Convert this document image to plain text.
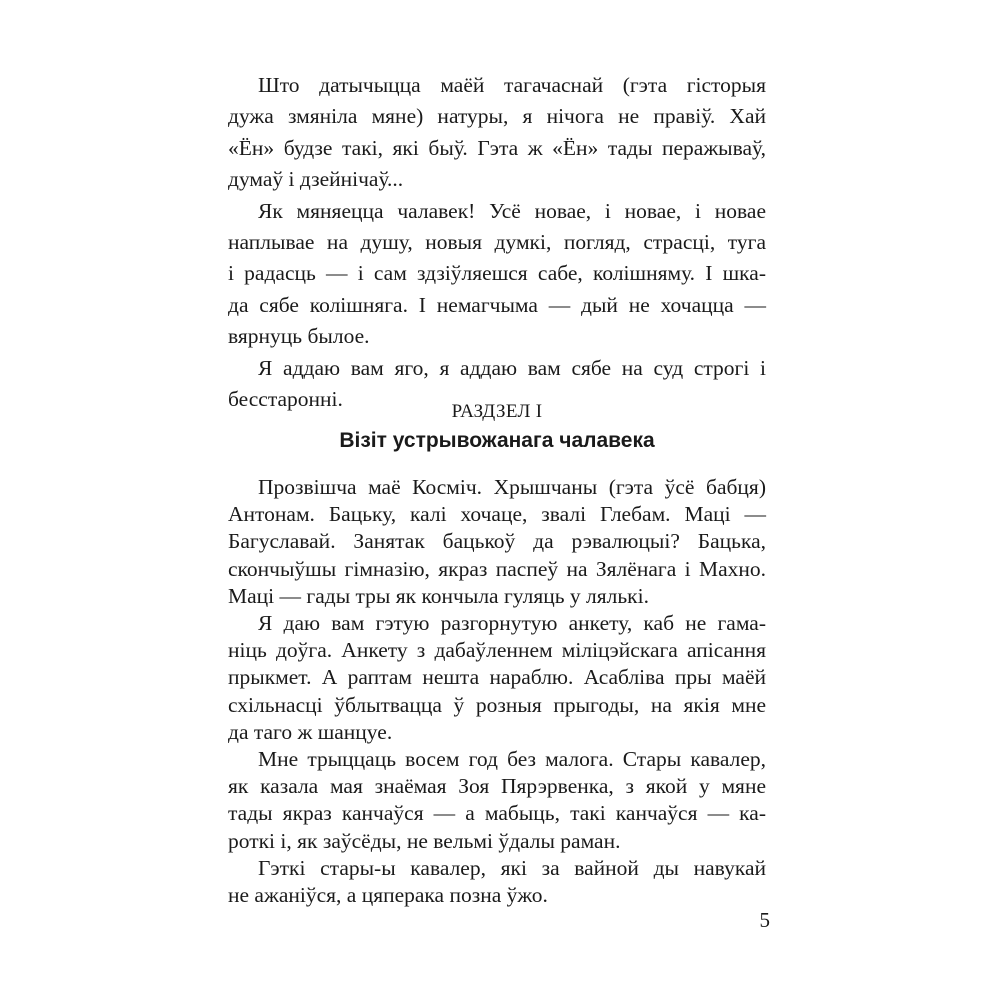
Што датычыцца маёй тагачаснай (гэта гісторыя
дужа змяніла мяне) натуры, я нічога не правіў. Хай
«Ён» будзе такі, які быў. Гэта ж «Ён» тады перажываў,
думаў і дзейнічаў...
Як мяняецца чалавек! Усё новае, і новае, і новае
наплывае на душу, новыя думкі, погляд, страсці, туга
і радасць — і сам здзіўляешся сабе, колішняму. І шка-
да сябе колішняга. І немагчыма — дый не хочацца —
вярнуць былое.
Я аддаю вам яго, я аддаю вам сябе на суд строгі і
бесстаронні.
РАЗДЗЕЛ І
Візіт устрывожанага чалавека
Прозвішча маё Косміч. Хрышчаны (гэта ўсё бабця)
Антонам. Бацьку, калі хочаце, звалі Глебам. Маці —
Багуславай. Занятак бацькоў да рэвалюцыі? Бацька,
скончыўшы гімназію, якраз паспеў на Зялёнага і Махно.
Маці — гады тры як кончыла гуляць у лялькі.
Я даю вам гэтую разгорнутую анкету, каб не гама-
ніць доўга. Анкету з дабаўленнем міліцэйскага апісання
прыкмет. А раптам нешта нараблю. Асабліва пры маёй
схільнасці ўблытвацца ў розныя прыгоды, на якія мне
да таго ж шанцуе.
Мне трыццаць восем год без малога. Стары кавалер,
як казала мая знаёмая Зоя Пярэрвенка, з якой у мяне
тады якраз канчаўся — а мабыць, такі канчаўся — ка-
роткі і, як заўсёды, не вельмі ўдалы раман.
Гэткі стары-ы кавалер, які за вайной ды навукай
не ажаніўся, а цяперака позна ўжо.
5
